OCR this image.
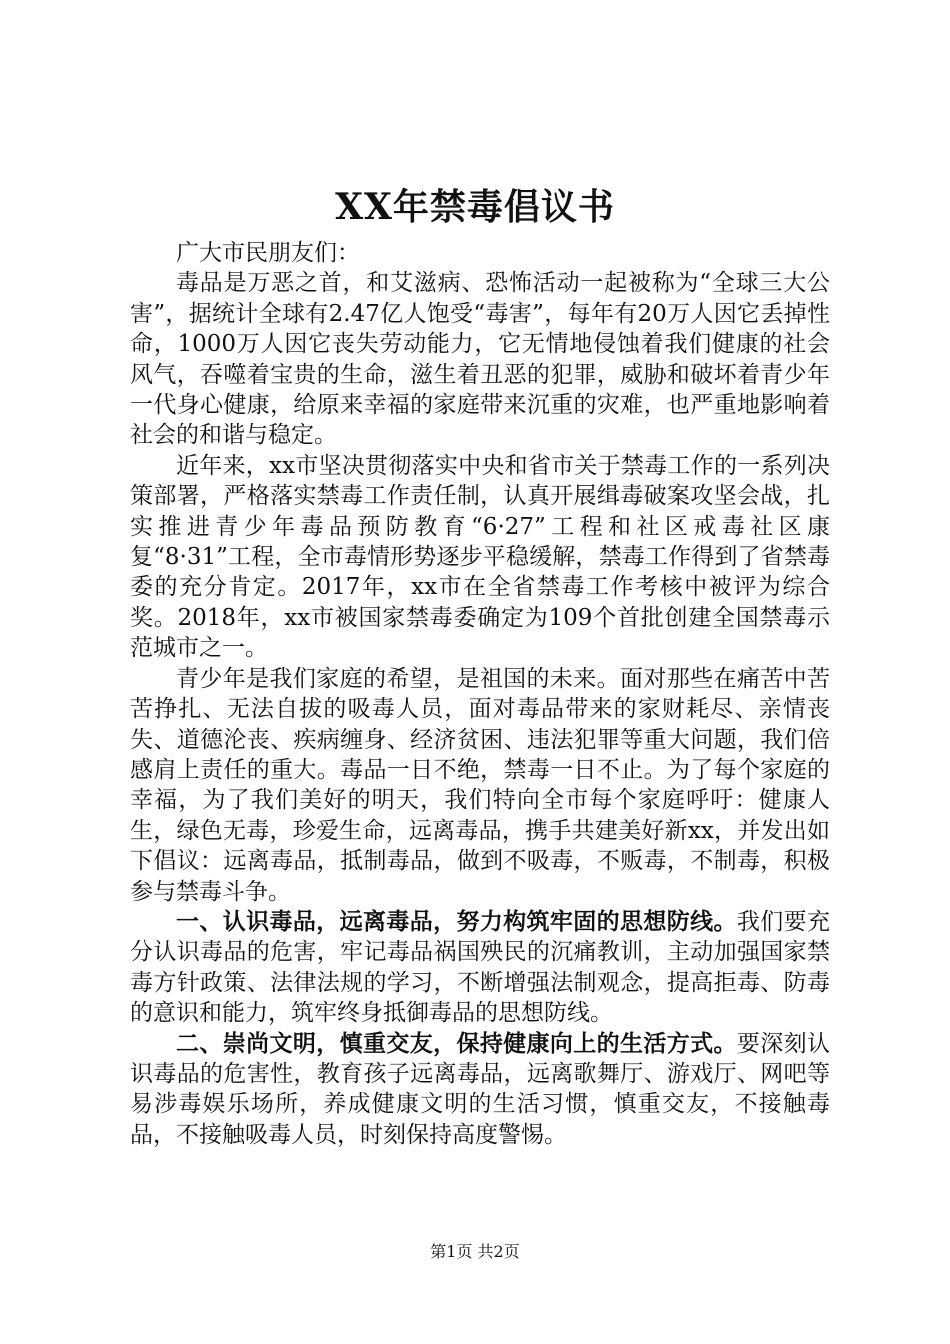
XX年禁毒倡议书

广大市民朋友们：

毒品是万恶之首，和艾滋病、恐怖活动一起被称为“全球三大公害”，据统计全球有2.47亿人饱受“毒害”，每年有20万人因它丢掉性命，1000万人因它丧失劳动能力，它无情地侵蚀着我们健康的社会风气，吞噬着宝贵的生命，滋生着丑恶的犯罪，威胁和破坏着青少年一代身心健康，给原来幸福的家庭带来沉重的灾难，也严重地影响着社会的和谐与稳定。

近年来，xx市坚决贯彻落实中央和省市关于禁毒工作的一系列决策部署，严格落实禁毒工作责任制，认真开展缉毒破案攻坚会战，扎实推进青少年毒品预防教育“6·27”工程和社区戒毒社区康复“8·31”工程，全市毒情形势逐步平稳缓解，禁毒工作得到了省禁毒委的充分肯定。2017年，xx市在全省禁毒工作考核中被评为综合奖。2018年，xx市被国家禁毒委确定为109个首批创建全国禁毒示范城市之一。

青少年是我们家庭的希望，是祖国的未来。面对那些在痛苦中苦苦挣扎、无法自拔的吸毒人员，面对毒品带来的家财耗尽、亲情丧失、道德沦丧、疾病缠身、经济贫困、违法犯罪等重大问题，我们倍感肩上责任的重大。毒品一日不绝，禁毒一日不止。为了每个家庭的幸福，为了我们美好的明天，我们特向全市每个家庭呼吁：健康人生，绿色无毒，珍爱生命，远离毒品，携手共建美好新xx，并发出如下倡议：远离毒品，抵制毒品，做到不吸毒，不贩毒，不制毒，积极参与禁毒斗争。

一、认识毒品，远离毒品，努力构筑牢固的思想防线。我们要充分认识毒品的危害，牢记毒品祸国殃民的沉痛教训，主动加强国家禁毒方针政策、法律法规的学习，不断增强法制观念，提高拒毒、防毒的意识和能力，筑牢终身抵御毒品的思想防线。

二、崇尚文明，慎重交友，保持健康向上的生活方式。要深刻认识毒品的危害性，教育孩子远离毒品，远离歌舞厅、游戏厅、网吧等易涉毒娱乐场所，养成健康文明的生活习惯，慎重交友，不接触毒品，不接触吸毒人员，时刻保持高度警惕。

第1页 共2页
